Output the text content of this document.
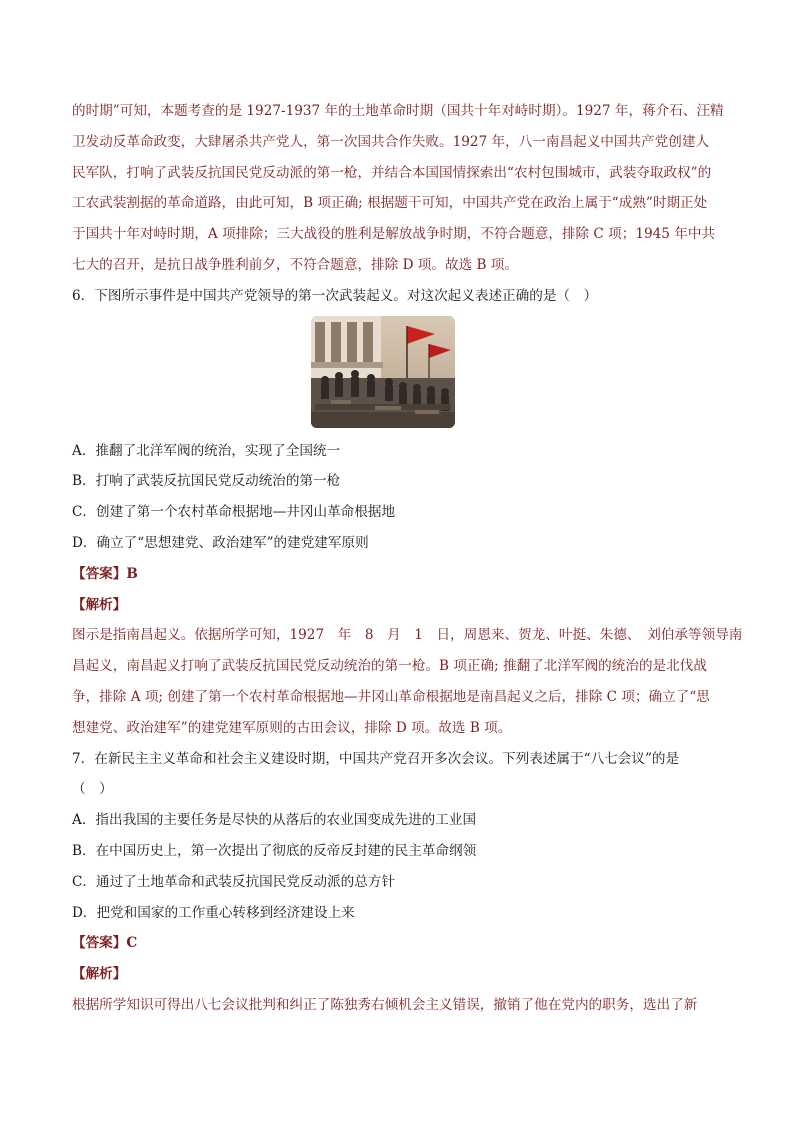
的时期”可知，本题考查的是 1927-1937 年的土地革命时期（国共十年对峙时期）。1927 年，蒋介石、汪精

卫发动反革命政变，大肆屠杀共产党人，第一次国共合作失败。1927 年，八一南昌起义中国共产党创建人

民军队，打响了武装反抗国民党反动派的第一枪，并结合本国国情探索出“农村包围城市，武装夺取政权”的

工农武装割据的革命道路，由此可知，B 项正确; 根据题干可知，中国共产党在政治上属于“成熟”时期正处

于国共十年对峙时期，A 项排除；三大战役的胜利是解放战争时期，不符合题意，排除 C 项；1945 年中共

七大的召开，是抗日战争胜利前夕，不符合题意，排除 D 项。故选 B 项。

6．下图所示事件是中国共产党领导的第一次武装起义。对这次起义表述正确的是（　）

A．推翻了北洋军阀的统治，实现了全国统一

B．打响了武装反抗国民党反动统治的第一枪

C．创建了第一个农村革命根据地—井冈山革命根据地

D．确立了“思想建党、政治建军”的建党建军原则

【答案】B

【解析】

图示是指南昌起义。依据所学可知，1927　年　8　月　1　日，周恩来、贺龙、叶挺、朱德、　刘伯承等领导南

昌起义，南昌起义打响了武装反抗国民党反动统治的第一枪。B 项正确; 推翻了北洋军阀的统治的是北伐战

争，排除 A 项; 创建了第一个农村革命根据地—井冈山革命根据地是南昌起义之后，排除 C 项；确立了“思

想建党、政治建军”的建党建军原则的古田会议，排除 D 项。故选 B 项。

7．在新民主主义革命和社会主义建设时期，中国共产党召开多次会议。下列表述属于“八七会议”的是

（　）

A．指出我国的主要任务是尽快的从落后的农业国变成先进的工业国

B．在中国历史上，第一次提出了彻底的反帝反封建的民主革命纲领

C．通过了土地革命和武装反抗国民党反动派的总方针

D．把党和国家的工作重心转移到经济建设上来

【答案】C

【解析】

根据所学知识可得出八七会议批判和纠正了陈独秀右倾机会主义错误，撤销了他在党内的职务，选出了新
